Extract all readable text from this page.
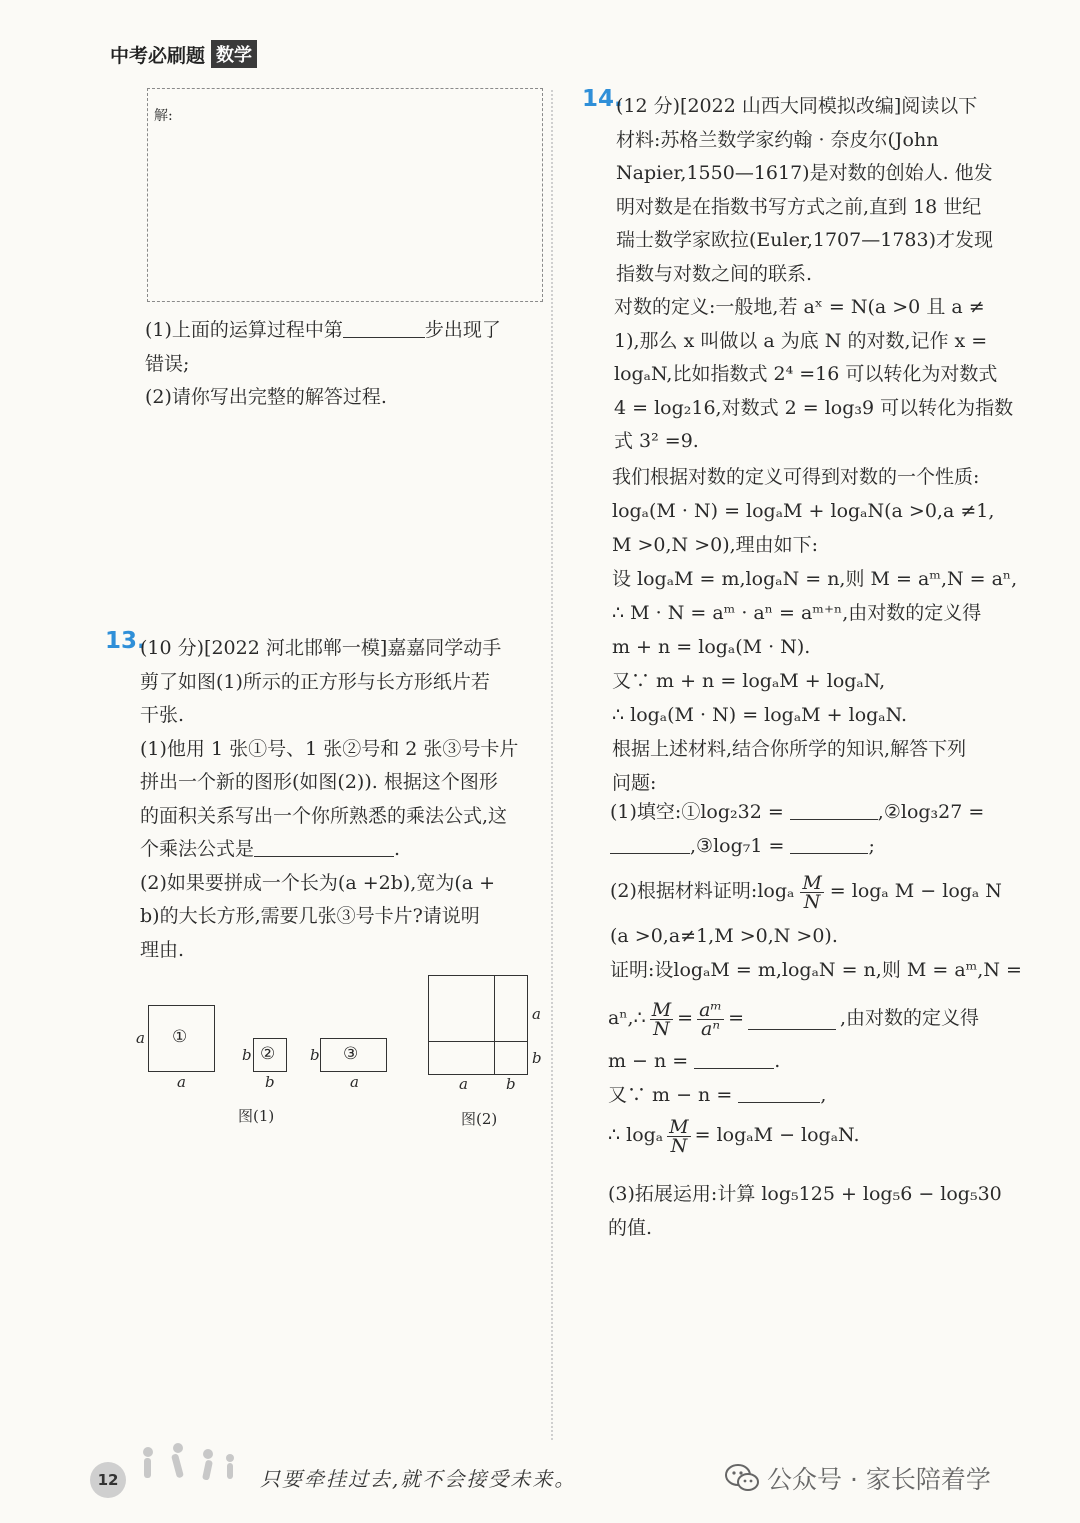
中考必刷题 数学
解:

(1)上面的运算过程中第	步出现了

错误;

(2)请你写出完整的解答过程.

13.

(10 分)[2022 河北邯郸一模]嘉嘉同学动手

剪了如图(1)所示的正方形与长方形纸片若

干张.

(1)他用 1 张①号、1 张②号和 2 张③号卡片

拼出一个新的图形(如图(2)). 根据这个图形

的面积关系写出一个你所熟悉的乘法公式,这

个乘法公式是	.

(2)如果要拼成一个长为(a +2b),宽为(a +

b)的大长方形,需要几张③号卡片?请说明

理由.

①
a
a
②
b
b
③
b
a
图(1)
a
b
a	b
图(2)
14.

(12 分)[2022 山西大同模拟改编]阅读以下

材料:苏格兰数学家约翰 · 奈皮尔(John

Napier,1550—1617)是对数的创始人. 他发

明对数是在指数书写方式之前,直到 18 世纪

瑞士数学家欧拉(Euler,1707—1783)才发现

指数与对数之间的联系.

对数的定义:一般地,若 aˣ = N(a >0 且 a ≠

1),那么 x 叫做以 a 为底 N 的对数,记作 x =

logₐN,比如指数式 2⁴ =16 可以转化为对数式

4 = log₂16,对数式 2 = log₃9 可以转化为指数

式 3² =9.

我们根据对数的定义可得到对数的一个性质:

logₐ(M · N) = logₐM + logₐN(a >0,a ≠1,

M >0,N >0),理由如下:

设 logₐM = m,logₐN = n,则 M = aᵐ,N = aⁿ,

∴ M · N = aᵐ · aⁿ = aᵐ⁺ⁿ,由对数的定义得

m + n = logₐ(M · N).

又∵ m + n = logₐM + logₐN,

∴ logₐ(M · N) = logₐM + logₐN.

根据上述材料,结合你所学的知识,解答下列

问题:

(1)填空:①log₂32 =	,②log₃27 =

,③log₇1 =	;

(2)根据材料证明:logₐ $\frac{M}{N} = \log_a$ M − logₐ N

(a >0,a≠1,M >0,N >0).

证明:设logₐM = m,logₐN = n,则 M = aᵐ,N =

aⁿ,∴ $\frac{M}{N} = \frac{\text{aᵐ}}{\text{aⁿ}}$ =	,由对数的定义得

m − n =	.

又∵ m − n =	,

∴ logₐ $\frac{M}{N} = \log_aM - \log_aN$.

(3)拓展运用:计算 log₅125 + log₅6 − log₅30

的值.

12	只要牵挂过去,就不会接受未来。	公众号 · 家长陪着学
